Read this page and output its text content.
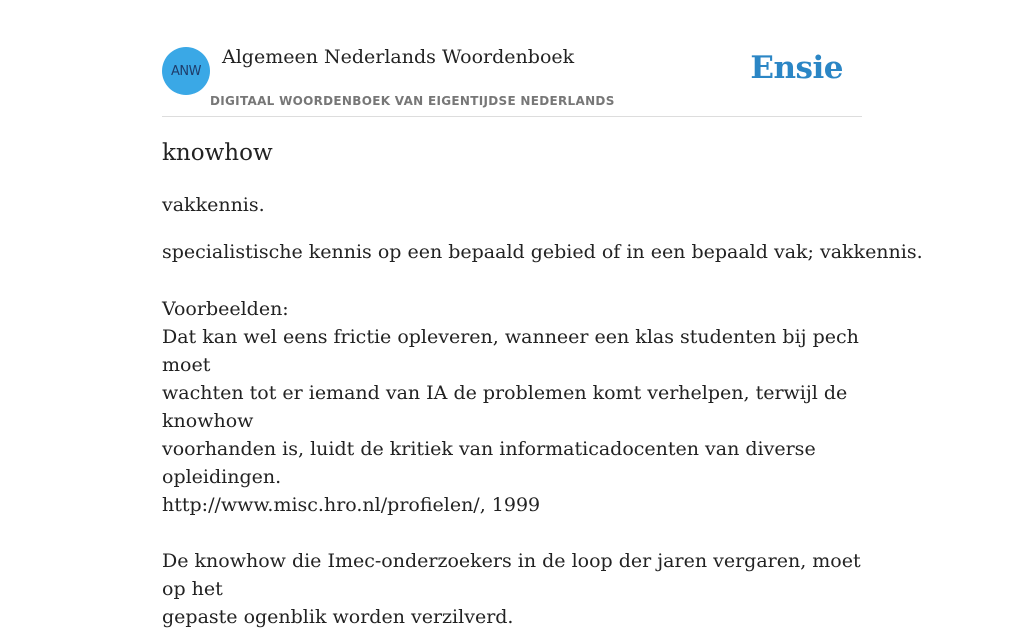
ANW
Algemeen Nederlands Woordenboek
DIGITAAL WOORDENBOEK VAN EIGENTIJDSE NEDERLANDS
Ensie
knowhow

vakkennis.

specialistische kennis op een bepaald gebied of in een bepaald vak; vakkennis.

Voorbeelden:

Dat kan wel eens frictie opleveren, wanneer een klas studenten bij pech moet

wachten tot er iemand van IA de problemen komt verhelpen, terwijl de knowhow

voorhanden is, luidt de kritiek van informaticadocenten van diverse opleidingen.

http://www.misc.hro.nl/profielen/, 1999

De knowhow die Imec-onderzoekers in de loop der jaren vergaren, moet op het

gepaste ogenblik worden verzilverd.
